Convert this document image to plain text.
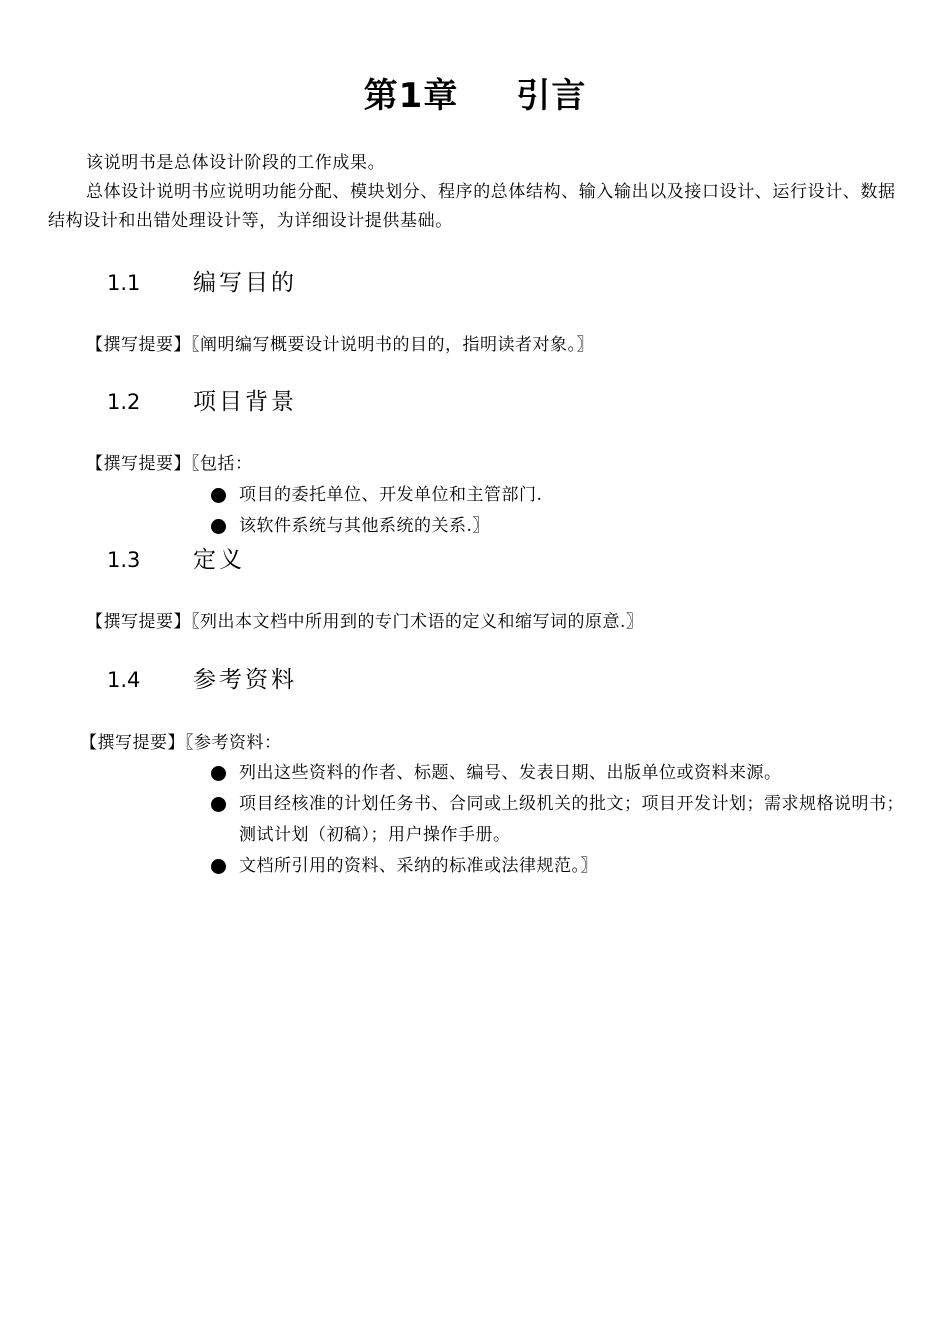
第1章 引言
该说明书是总体设计阶段的工作成果。
总体设计说明书应说明功能分配、模块划分、程序的总体结构、输入输出以及接口设计、运行设计、数据结构设计和出错处理设计等，为详细设计提供基础。
1.1 编写目的
【撰写提要】〖阐明编写概要设计说明书的目的，指明读者对象。〗
1.2 项目背景
【撰写提要】〖包括：
项目的委托单位、开发单位和主管部门.
该软件系统与其他系统的关系.〗
1.3 定义
【撰写提要】〖列出本文档中所用到的专门术语的定义和缩写词的原意.〗
1.4 参考资料
【撰写提要】〖参考资料：
列出这些资料的作者、标题、编号、发表日期、出版单位或资料来源。
项目经核准的计划任务书、合同或上级机关的批文；项目开发计划；需求规格说明书；测试计划（初稿）；用户操作手册。
文档所引用的资料、采纳的标准或法律规范。〗
